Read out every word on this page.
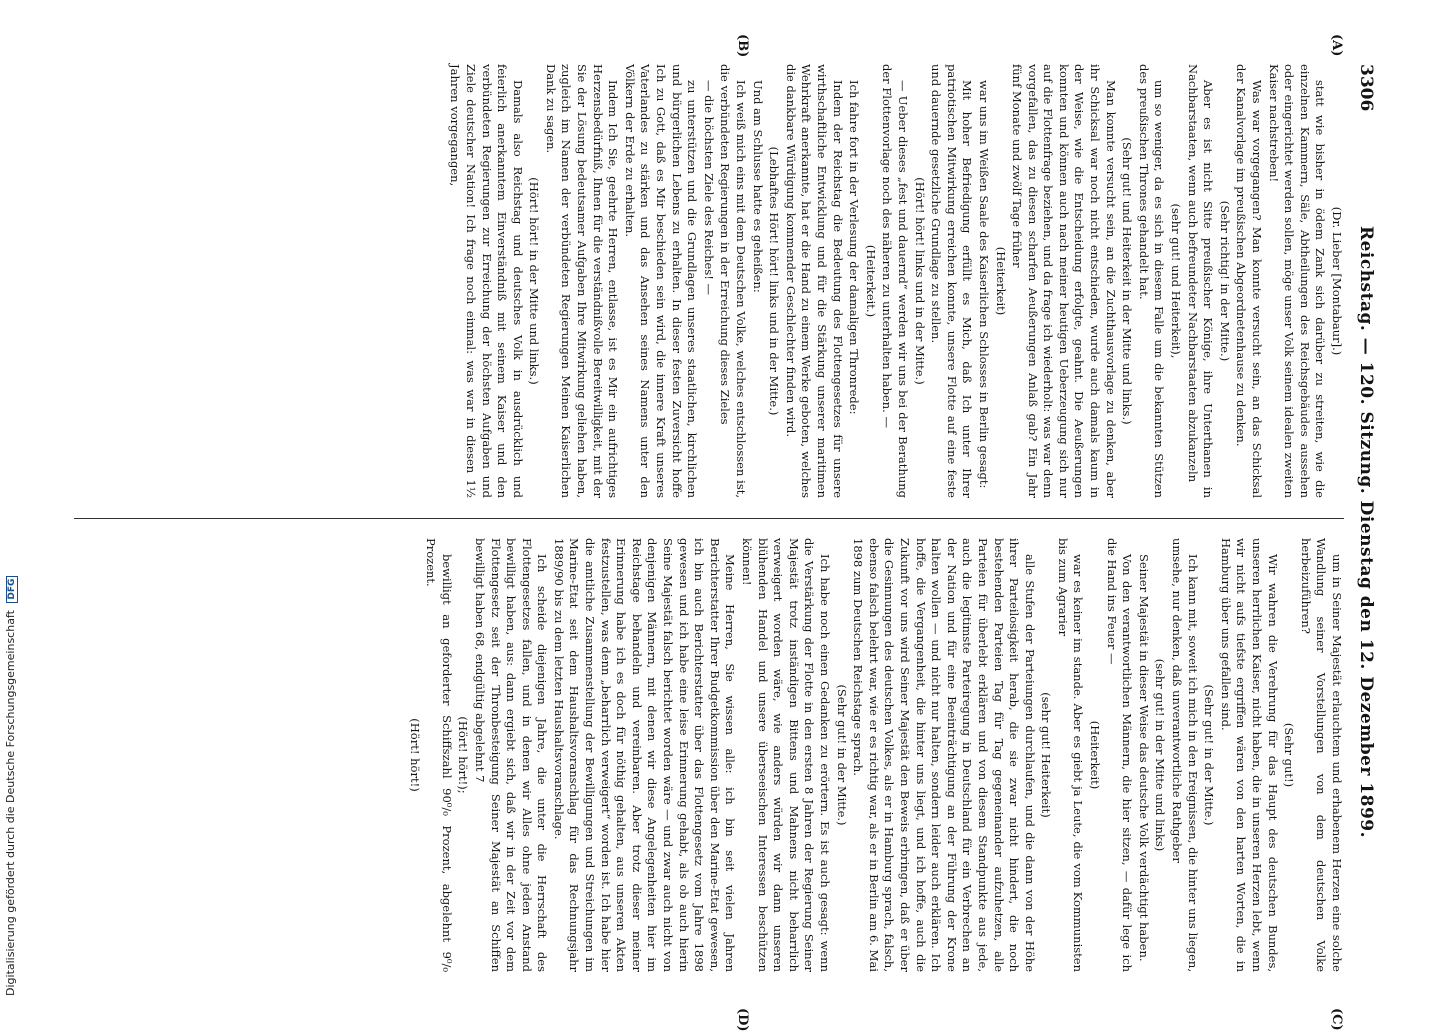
3306
Reichstag. — 120. Sitzung. Dienstag den 12. Dezember 1899.
(A)
(B)
(C)
(D)

(Dr. Lieber [Montabaur].)

statt wie bisher in ödem Zank sich darüber zu streiten, wie die einzelnen Kammern, Säle, Abtheilungen des Reichsgebäudes aussehen oder eingerichtet werden sollen, möge unser Volk seinem idealen zweiten Kaiser nachstreben!

Was war vorgegangen? Man konnte versucht sein, an das Schicksal der Kanalvorlage im preußischen Abgeordnetenhause zu denken.

(Sehr richtig! in der Mitte.)

Aber es ist nicht Sitte preußischer Könige, ihre Unterthanen in Nachbarstaaten, wenn auch befreundeter Nachbarstaaten abzukanzeln

(sehr gut! und Heiterkeit),

um so weniger, da es sich in diesem Falle um die bekannten Stützen des preußischen Thrones gehandelt hat.

(Sehr gut! und Heiterkeit in der Mitte und links.)

Man konnte versucht sein, an die Zuchthausvorlage zu denken, aber ihr Schicksal war noch nicht entschieden, wurde auch damals kaum in der Weise, wie die Entscheidung erfolgte, geahnt. Die Aeußerungen konnten und können auch nach meiner heutigen Ueberzeugung sich nur auf die Flottenfrage beziehen, und da frage ich wiederholt: was war denn vorgefallen, das zu diesen scharfen Aeußerungen Anlaß gab? Ein Jahr fünf Monate und zwölf Tage früher

(Heiterkeit)

war uns im Weißen Saale des Kaiserlichen Schlosses in Berlin gesagt:

Mit hoher Befriedigung erfüllt es Mich, daß Ich unter Ihrer patriotischen Mitwirkung erreichen konnte, unsere Flotte auf eine feste und dauernde gesetzliche Grundlage zu stellen.

(Hört! hört! links und in der Mitte.)

— Ueber dieses „fest und dauernd“ werden wir uns bei der Berathung der Flottenvorlage noch des näheren zu unterhalten haben. —

(Heiterkeit.)

Ich fahre fort in der Verlesung der damaligen Thronrede:

Indem der Reichstag die Bedeutung des Flottengesetzes für unsere wirthschaftliche Entwicklung und für die Stärkung unserer maritimen Wehrkraft anerkannte, hat er die Hand zu einem Werke geboten, welches die dankbare Würdigung kommender Geschlechter finden wird.

(Lebhaftes Hört! hört! links und in der Mitte.)

Und am Schlusse hatte es geheißen:

Ich weiß mich eins mit dem Deutschen Volke, welches entschlossen ist, die verbündeten Regierungen in der Erreichung dieses Zieles

— die höchsten Ziele des Reiches! —

zu unterstützen und die Grundlagen unseres staatlichen, kirchlichen und bürgerlichen Lebens zu erhalten. In dieser festen Zuversicht hoffe Ich zu Gott, daß es Mir beschieden sein wird, die innere Kraft unseres Vaterlandes zu stärken und das Ansehen seines Namens unter den Völkern der Erde zu erhalten.

Indem Ich Sie, geehrte Herren, entlasse, ist es Mir ein aufrichtiges Herzensbedürfniß, Ihnen für die verständnißvolle Bereitwilligkeit, mit der Sie der Lösung bedeutsamer Aufgaben Ihre Mitwirkung geliehen haben, zugleich im Namen der verbündeten Regierungen Meinen Kaiserlichen Dank zu sagen.

(Hört! hört! in der Mitte und links.)

Damals also Reichstag und deutsches Volk in ausdrücklich und feierlich anerkanntem Einverständniß mit seinem Kaiser und den verbündeten Regierungen zur Erreichung der höchsten Aufgaben und Ziele deutscher Nation! Ich frage noch einmal: was war in diesen 1½ Jahren vorgegangen,

um in Seiner Majestät erlauchtem und erhabenem Herzen eine solche Wandlung seiner Vorstellungen von dem deutschen Volke herbeizuführen?

(Sehr gut!)

Wir wahren die Verehrung für das Haupt des deutschen Bundes, unseren herrlichen Kaiser, nicht haben, die in unseren Herzen lebt, wenn wir nicht aufs tiefste ergriffen wären von den harten Worten, die in Hamburg über uns gefallen sind.

(Sehr gut! in der Mitte.)

Ich kann mit, soweit ich mich in den Ereignissen, die hinter uns liegen, umsehe, nur denken, daß unverantwortliche Rathgeber

(sehr gut! in der Mitte und links)

Seiner Majestät in dieser Weise das deutsche Volk verdächtigt haben.

Von den verantwortlichen Männern, die hier sitzen, — dafür lege ich die Hand ins Feuer —

(Heiterkeit)

war es keiner im stande. Aber es giebt ja Leute, die vom Kommunisten bis zum Agrarier

(sehr gut! Heiterkeit)

alle Stufen der Parteiungen durchlaufen, und die dann von der Höhe ihrer Parteilosigkeit herab, die sie zwar nicht hindert, die noch bestehenden Parteien Tag für Tag gegeneinander aufzuhetzen, alle Parteien für überlebt erklären und von diesem Standpunkte aus jede, auch die legitimste Parteiregung in Deutschland für ein Verbrechen an der Nation und für eine Beeinträchtigung an der Führung der Krone halten wollen — und nicht nur halten, sondern leider auch erklären. Ich hoffe, die Vergangenheit, die hinter uns liegt, und ich hoffe, auch die Zukunft vor uns wird Seiner Majestät den Beweis erbringen, daß er über die Gesinnungen des deutschen Volkes, als er in Hamburg sprach, falsch, ebenso falsch belehrt war, wie er es richtig war, als er in Berlin am 6. Mai 1898 zum Deutschen Reichstage sprach.

(Sehr gut! in der Mitte.)

Ich habe noch einen Gedanken zu erörtern. Es ist auch gesagt: wenn die Verstärkung der Flotte in den ersten 8 Jahren der Regierung Seiner Majestät trotz inständigen Bittens und Mahnens nicht beharrlich verweigert worden wäre, wie anders würden wir dann unseren blühenden Handel und unsere überseeischen Interessen beschützen können!

Meine Herren, Sie wissen alle: ich bin seit vielen Jahren Berichterstatter Ihrer Budgetkommission über den Marine-Etat gewesen, ich bin auch Berichterstatter über das Flottengesetz vom Jahre 1898 gewesen und ich habe eine leise Erinnerung gehabt, als ob auch hierin Seine Majestät falsch berichtet worden wäre — und zwar auch nicht von denjenigen Männern, mit denen wir diese Angelegenheiten hier im Reichstage behandeln und vereinbaren. Aber trotz dieser meiner Erinnerung habe ich es doch für nöthig gehalten, aus unseren Akten festzustellen, was denn „beharrlich verweigert“ worden ist. Ich habe hier die amtliche Zusammenstellung der Bewilligungen und Streichungen im Marine-Etat seit dem Haushaltsvoranschlag für das Rechnungsjahr 1889/90 bis zu dem letzten Haushaltsvoranschlage.

Ich scheide diejenigen Jahre, die unter die Herrschaft des Flottengesetzes fallen, und in denen wir Alles ohne jeden Anstand bewilligt haben, aus: dann ergiebt sich, daß wir in der Zeit vor dem Flottengesetz seit der Thronbesteigung Seiner Majestät an Schiffen bewilligt haben 68, endgültig abgelehnt 7

(Hört! hört!);

bewilligt an geforderter Schiffszahl 90⁰/₀ Prozent, abgelehnt 9⁰/₀ Prozent.

(Hört! hört!)

Digitalisierung gefördert durch die Deutsche Forschungsgemeinschaft DFG
